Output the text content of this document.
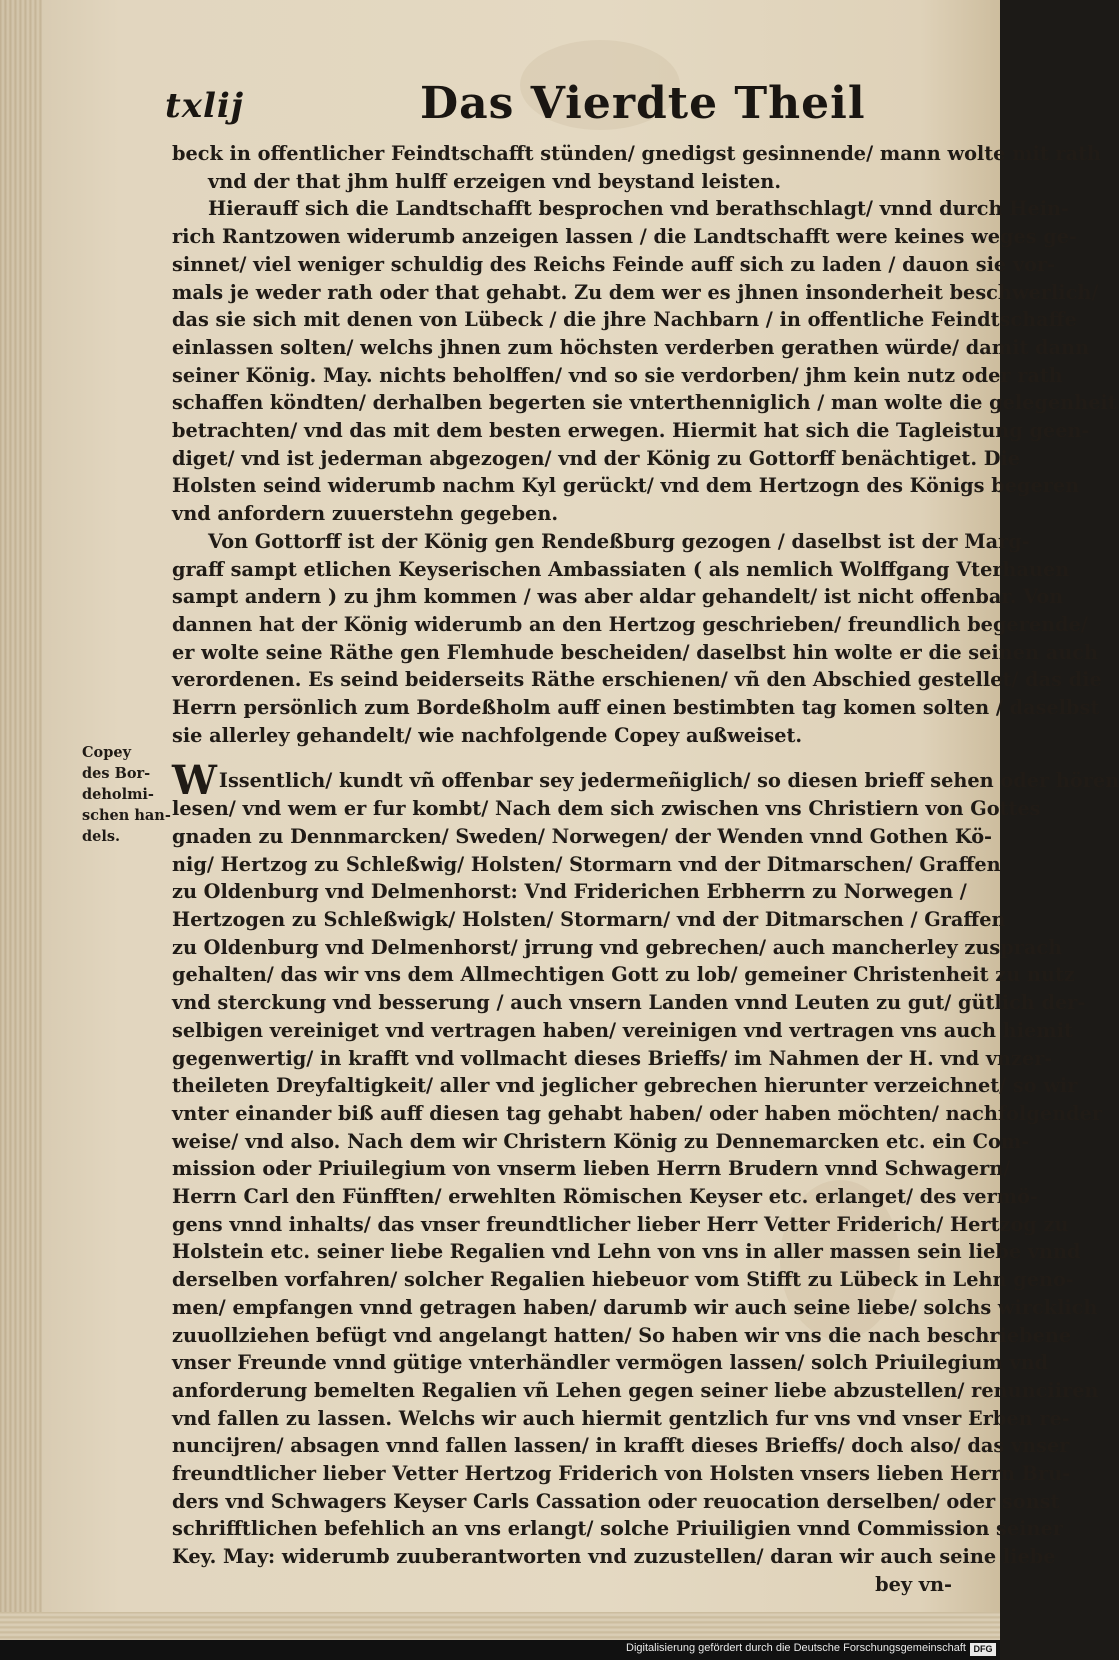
txlij	Das Vierdte Theil
Copey
des Bor-
deholmi-
schen han-
dels.
beck in offentlicher Feindtschafft stünden/ gnedigst gesinnende/ mann wolte mit rath
vnd der that jhm hulff erzeigen vnd beystand leisten.
Hierauff sich die Landtschafft besprochen vnd berathschlagt/ vnnd durch Hein-
rich Rantzowen widerumb anzeigen lassen / die Landtschafft were keines weges ge-
sinnet/ viel weniger schuldig des Reichs Feinde auff sich zu laden / dauon sie vor-
mals je weder rath oder that gehabt. Zu dem wer es jhnen insonderheit beschwerlich/
das sie sich mit denen von Lübeck / die jhre Nachbarn / in offentliche Feindtschaffe
einlassen solten/ welchs jhnen zum höchsten verderben gerathen würde/ damit dann
seiner König. May. nichts beholffen/ vnd so sie verdorben/ jhm kein nutz oder rath
schaffen köndten/ derhalben begerten sie vnterthenniglich / man wolte die gelegenheit
betrachten/ vnd das mit dem besten erwegen. Hiermit hat sich die Tagleistung geen-
diget/ vnd ist jederman abgezogen/ vnd der König zu Gottorff benächtiget. Die
Holsten seind widerumb nachm Kyl gerückt/ vnd dem Hertzogn des Königs begeren
vnd anfordern zuuerstehn gegeben.
Von Gottorff ist der König gen Rendeßburg gezogen / daselbst ist der Marg-
graff sampt etlichen Keyserischen Ambassiaten ( als nemlich Wolffgang Vterhauen
sampt andern ) zu jhm kommen / was aber aldar gehandelt/ ist nicht offenbar. Von
dannen hat der König widerumb an den Hertzog geschrieben/ freundlich begerende/
er wolte seine Räthe gen Flemhude bescheiden/ daselbst hin wolte er die seinen auch
verordenen. Es seind beiderseits Räthe erschienen/ vñ den Abschied gestellet/ das die
Herrn persönlich zum Bordeßholm auff einen bestimbten tag komen solten / daselbst
sie allerley gehandelt/ wie nachfolgende Copey außweiset.
W Issentlich/ kundt vñ offenbar sey jedermeñiglich/ so diesen brieff sehen oder hören
lesen/ vnd wem er fur kombt/ Nach dem sich zwischen vns Christiern von Gottes
gnaden zu Dennmarcken/ Sweden/ Norwegen/ der Wenden vnnd Gothen Kö-
nig/ Hertzog zu Schleßwig/ Holsten/ Stormarn vnd der Ditmarschen/ Graffen
zu Oldenburg vnd Delmenhorst: Vnd Friderichen Erbherrn zu Norwegen /
Hertzogen zu Schleßwigk/ Holsten/ Stormarn/ vnd der Ditmarschen / Graffen
zu Oldenburg vnd Delmenhorst/ jrrung vnd gebrechen/ auch mancherley zusprach
gehalten/ das wir vns dem Allmechtigen Gott zu lob/ gemeiner Christenheit zu nutz
vnd sterckung vnd besserung / auch vnsern Landen vnnd Leuten zu gut/ gütlich der-
selbigen vereiniget vnd vertragen haben/ vereinigen vnd vertragen vns auch hiemit
gegenwertig/ in krafft vnd vollmacht dieses Brieffs/ im Nahmen der H. vnd vnzer-
theileten Dreyfaltigkeit/ aller vnd jeglicher gebrechen hierunter verzeichnet/ so wir
vnter einander biß auff diesen tag gehabt haben/ oder haben möchten/ nachfolgender
weise/ vnd also. Nach dem wir Christern König zu Dennemarcken etc. ein Com-
mission oder Priuilegium von vnserm lieben Herrn Brudern vnnd Schwagern/
Herrn Carl den Fünfften/ erwehlten Römischen Keyser etc. erlanget/ des vermö-
gens vnnd inhalts/ das vnser freundtlicher lieber Herr Vetter Friderich/ Hertzog zu
Holstein etc. seiner liebe Regalien vnd Lehn von vns in aller massen sein liebe vnnd
derselben vorfahren/ solcher Regalien hiebeuor vom Stifft zu Lübeck in Lehn geno-
men/ empfangen vnnd getragen haben/ darumb wir auch seine liebe/ solchs wircklich
zuuollziehen befügt vnd angelangt hatten/ So haben wir vns die nach beschriebene
vnser Freunde vnnd gütige vnterhändler vermögen lassen/ solch Priuilegium vnd
anforderung bemelten Regalien vñ Lehen gegen seiner liebe abzustellen/ renunciiren
vnd fallen zu lassen. Welchs wir auch hiermit gentzlich fur vns vnd vnser Erben re-
nuncijren/ absagen vnnd fallen lassen/ in krafft dieses Brieffs/ doch also/ das vnser
freundtlicher lieber Vetter Hertzog Friderich von Holsten vnsers lieben Herrn Bru-
ders vnd Schwagers Keyser Carls Cassation oder reuocation derselben/ oder sonst
schrifftlichen befehlich an vns erlangt/ solche Priuiligien vnnd Commission seiner
Key. May: widerumb zuuberantworten vnd zuzustellen/ daran wir auch seine liebe
bey vn-
Digitalisierung gefördert durch die Deutsche Forschungsgemeinschaft DFG
